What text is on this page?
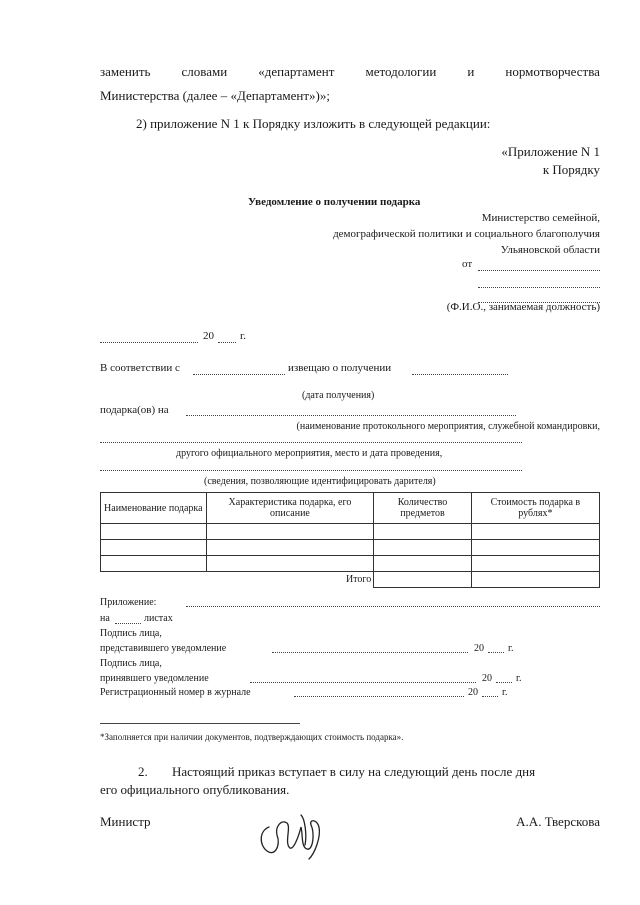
заменить словами «департамент методологии и нормотворчества
Министерства (далее – «Департамент»)»;
2) приложение N 1 к Порядку изложить в следующей редакции:
«Приложение N 1
к Порядку
Уведомление о получении подарка
Министерство семейной,
демографической политики и социального благополучия
Ульяновской области
от
(Ф.И.О., занимаемая должность)
20 г.
В соответствии с	извещаю о получении
(дата получения)
подарка(ов) на
(наименование протокольного мероприятия, служебной командировки,
другого официального мероприятия, место и дата проведения,
(сведения, позволяющие идентифицировать дарителя)
Наименование подарка	Характеристика подарка, его описание	Количество предметов	Стоимость подарка в рублях*

Итого			
Приложение:
на	листах
Подпись лица,
представившего уведомление	20 г.
Подпись лица,
принявшего уведомление	20 г.
Регистрационный номер в журнале	20 г.
*Заполняется при наличии документов, подтверждающих стоимость подарка».
2. Настоящий приказ вступает в силу на следующий день после дня
его официального опубликования.
Министр	А.А. Тверскова
